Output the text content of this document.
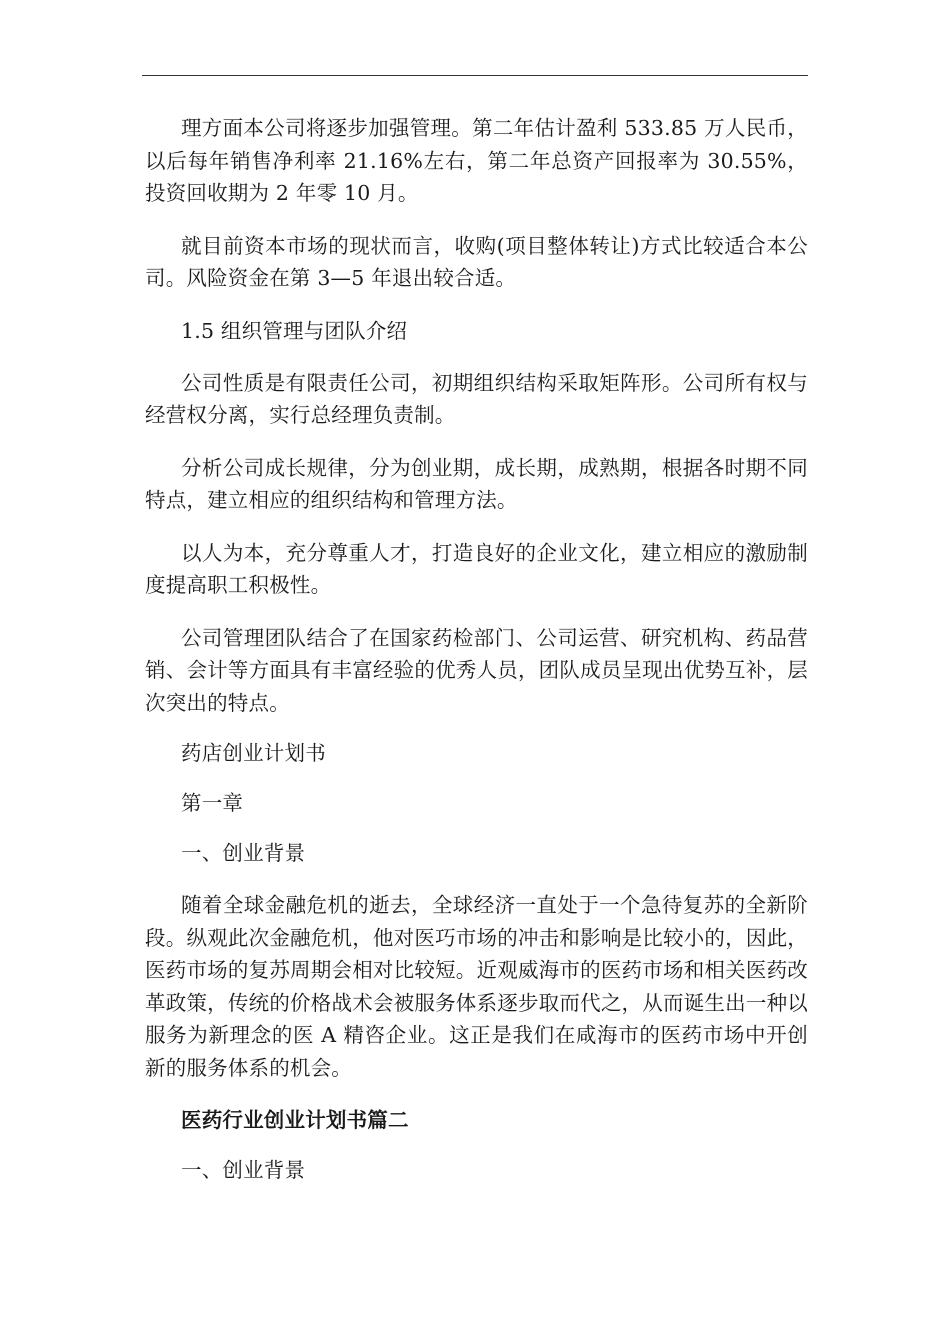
理方面本公司将逐步加强管理。第二年估计盈利 533.85 万人民币，以后每年销售净利率 21.16%左右，第二年总资产回报率为 30.55%，投资回收期为 2 年零 10 月。

就目前资本市场的现状而言，收购(项目整体转让)方式比较适合本公司。风险资金在第 3—5 年退出较合适。

1.5 组织管理与团队介绍

公司性质是有限责任公司，初期组织结构采取矩阵形。公司所有权与经营权分离，实行总经理负责制。

分析公司成长规律，分为创业期，成长期，成熟期，根据各时期不同特点，建立相应的组织结构和管理方法。

以人为本，充分尊重人才，打造良好的企业文化，建立相应的激励制度提高职工积极性。

公司管理团队结合了在国家药检部门、公司运营、研究机构、药品营销、会计等方面具有丰富经验的优秀人员，团队成员呈现出优势互补，层次突出的特点。

药店创业计划书

第一章

一、创业背景

随着全球金融危机的逝去，全球经济一直处于一个急待复苏的全新阶段。纵观此次金融危机，他对医巧市场的冲击和影响是比较小的，因此，医药市场的复苏周期会相对比较短。近观威海市的医药市场和相关医药改革政策，传统的价格战术会被服务体系逐步取而代之，从而诞生出一种以服务为新理念的医 A 精咨企业。这正是我们在咸海市的医药市场中开创新的服务体系的机会。

医药行业创业计划书篇二

一、创业背景
